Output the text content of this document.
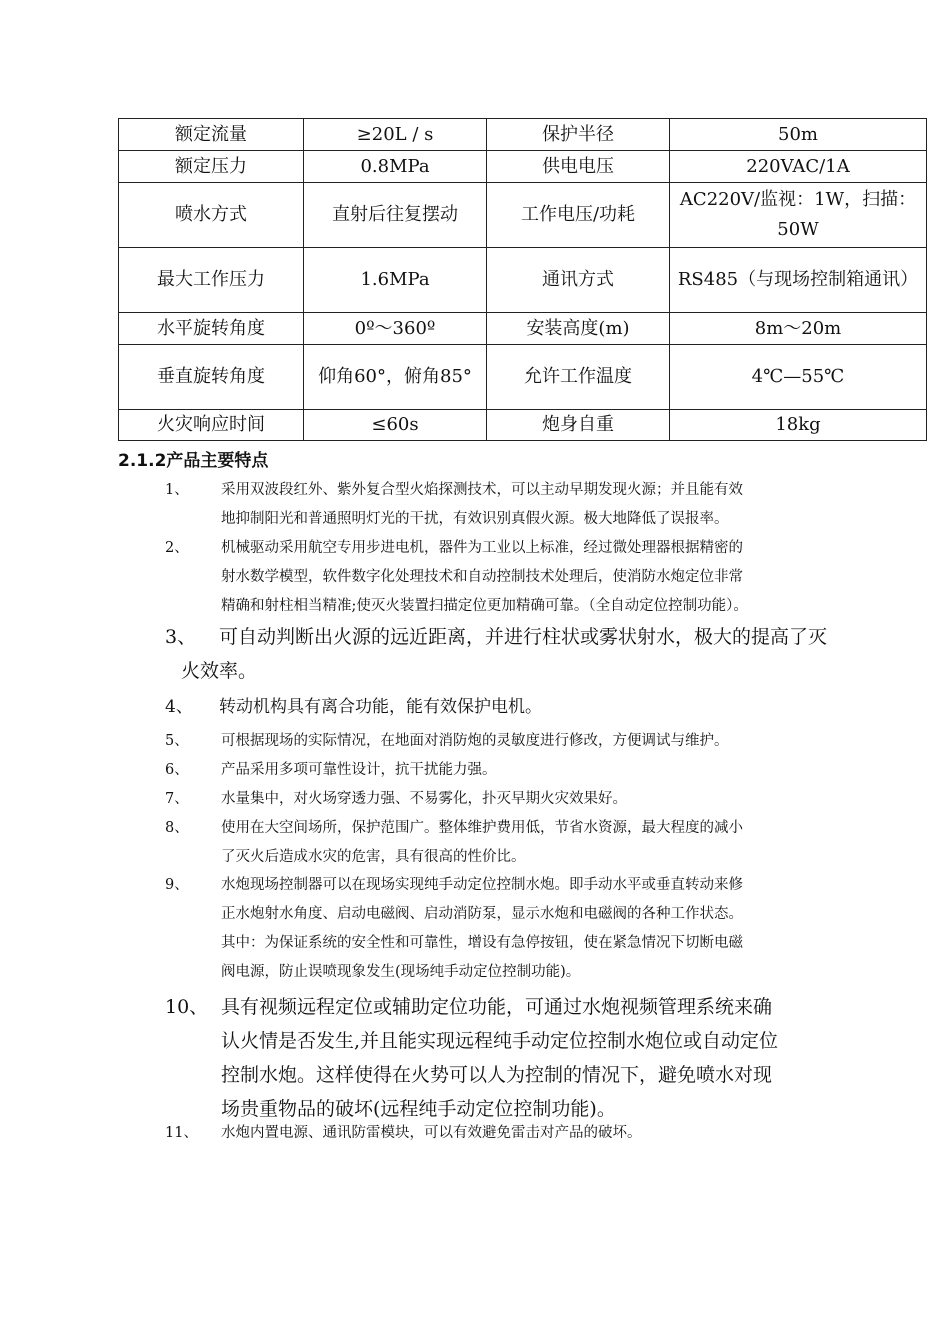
额定流量	≥20L / s	保护半径	50m
额定压力	0.8MPa	供电电压	220VAC/1A
喷水方式	直射后往复摆动	工作电压/功耗	AC220V/监视：1W，扫描：50W
最大工作压力	1.6MPa	通讯方式	RS485（与现场控制箱通讯）
水平旋转角度	0º～360º	安装高度(m)	8m～20m
垂直旋转角度	仰角60°，俯角85°	允许工作温度	4℃—55℃
火灾响应时间	≤60s	炮身自重	18kg
2.1.2产品主要特点
1、 采用双波段红外、紫外复合型火焰探测技术，可以主动早期发现火源；并且能有效
地抑制阳光和普通照明灯光的干扰，有效识别真假火源。极大地降低了误报率。
2、 机械驱动采用航空专用步进电机，器件为工业以上标准，经过微处理器根据精密的
射水数学模型，软件数字化处理技术和自动控制技术处理后，使消防水炮定位非常
精确和射柱相当精准;使灭火装置扫描定位更加精确可靠。（全自动定位控制功能）。
3、 可自动判断出火源的远近距离，并进行柱状或雾状射水，极大的提高了灭
火效率。
4、 转动机构具有离合功能，能有效保护电机。
5、 可根据现场的实际情况，在地面对消防炮的灵敏度进行修改，方便调试与维护。
6、 产品采用多项可靠性设计，抗干扰能力强。
7、 水量集中，对火场穿透力强、不易雾化，扑灭早期火灾效果好。
8、 使用在大空间场所，保护范围广。整体维护费用低，节省水资源，最大程度的减小
了灭火后造成水灾的危害，具有很高的性价比。
9、 水炮现场控制器可以在现场实现纯手动定位控制水炮。即手动水平或垂直转动来修
正水炮射水角度、启动电磁阀、启动消防泵，显示水炮和电磁阀的各种工作状态。
其中：为保证系统的安全性和可靠性，增设有急停按钮，使在紧急情况下切断电磁
阀电源，防止误喷现象发生(现场纯手动定位控制功能)。
10、 具有视频远程定位或辅助定位功能，可通过水炮视频管理系统来确
认火情是否发生,并且能实现远程纯手动定位控制水炮位或自动定位
控制水炮。这样使得在火势可以人为控制的情况下，避免喷水对现
场贵重物品的破坏(远程纯手动定位控制功能)。
11、 水炮内置电源、通讯防雷模块，可以有效避免雷击对产品的破坏。
